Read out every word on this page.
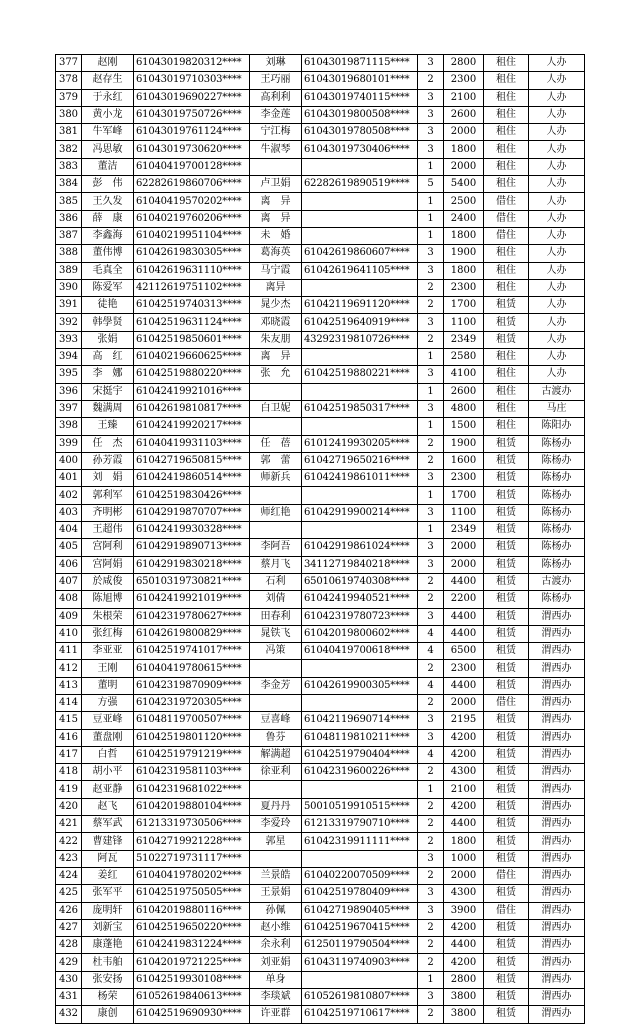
377	赵刚	61043019820312****	刘琳	61043019871115****	3	2800	租住	人办
378	赵存生	61043019710303****	王巧丽	61043019680101****	2	2300	租住	人办
379	于永红	61043019690227****	高利利	61043019740115****	3	2100	租住	人办
380	黄小龙	61043019750726****	李金莲	61043019800508****	3	2600	租住	人办
381	牛军峰	61043019761124****	宁江梅	61043019780508****	3	2000	租住	人办
382	冯思敏	61043019730620****	牛淑琴	61043019730406****	3	1800	租住	人办
383	董洁	61040419700128****			1	2000	租住	人办
384	彭　伟	62282619860706****	卢卫娟	62282619890519****	5	5400	租住	人办
385	王久发	61040419570202****	离　异		1	2500	借住	人办
386	薛　康	61040219760206****	离　异		1	2400	借住	人办
387	李鑫海	61040219951104****	未　婚		1	1800	借住	人办
388	董伟博	61042619830305****	葛海英	61042619860607****	3	1900	租住	人办
389	毛真全	61042619631110****	马宁霞	61042619641105****	3	1800	租住	人办
390	陈爱军	42112619751102****	离异		2	2300	租住	人办
391	徒艳	61042519740313****	晁少杰	61042119691120****	2	1700	租赁	人办
392	韩學贤	61042519631124****	邓晓霞	61042519640919****	3	1100	租赁	人办
393	张娟	61042519850601****	朱友朋	43292319810726****	2	2349	租赁	人办
394	高　红	61040219660625****	离　异		1	2580	租住	人办
395	李　娜	61042519880220****	张　允	61042519880221****	3	4100	租住	人办
396	宋挺宇	61042419921016****			1	2600	租住	古渡办
397	魏满周	61042619810817****	白卫妮	61042519850317****	3	4800	租住	马庄
398	王臻	61042419920217****			1	1500	租住	陈阳办
399	任　杰	61040419931103****	任　蓓	61012419930205****	2	1900	租赁	陈杨办
400	孙芳霞	61042719650815****	郭　蕾	61042719650216****	2	1600	租赁	陈杨办
401	刘　娟	61042419860514****	师新兵	61042419861011****	3	2300	租赁	陈杨办
402	郭利军	61042519830426****			1	1700	租赁	陈杨办
403	齐明彬	61042919870707****	师红艳	61042919900214****	3	1100	租赁	陈杨办
404	王超伟	61042419930328****			1	2349	租赁	陈杨办
405	宫阿利	61042919890713****	李阿吾	61042919861024****	3	2000	租赁	陈杨办
406	宫阿娟	61042919830218****	蔡月飞	34112719840218****	3	2000	租赁	陈杨办
407	於咸俊	65010319730821****	石利	65010619740308****	2	4400	租赁	古渡办
408	陈旭博	61042419921019****	刘倩	61042419940521****	2	2200	租赁	陈杨办
409	朱根荣	61042319780627****	田春利	61042319780723****	3	4400	租赁	渭西办
410	张红梅	61042619800829****	晁铁飞	61042019800602****	4	4400	租赁	渭西办
411	李亚亚	61042519741017****	冯策	61040419700618****	4	6500	租赁	渭西办
412	王刚	61040419780615****			2	2300	租赁	渭西办
413	董明	61042319870909****	李金芳	61042619900305****	4	4400	租赁	渭西办
414	方强	61042319720305****			2	2000	借住	渭西办
415	豆亚峰	61048119700507****	豆喜峰	61042119690714****	3	2195	租赁	渭西办
416	董盘刚	61042519801120****	鲁芬	61048119810211****	3	4200	租赁	渭西办
417	白哲	61042519791219****	解满超	61042519790404****	4	4200	租赁	渭西办
418	胡小平	61042319581103****	徐亚利	61042319600226****	2	4300	租赁	渭西办
419	赵亚静	61042319681022****			1	2100	租赁	渭西办
420	赵飞	61042019880104****	夏丹丹	50010519910515****	2	4200	租赁	渭西办
421	蔡军武	61213319730506****	李爱玲	61213319790710****	2	4400	租赁	渭西办
422	曹建锋	61042719921228****	郭星	61042319911111****	2	1800	租赁	渭西办
423	阿瓦	51022719731117****			3	1000	租赁	渭西办
424	姜红	61040419780202****	兰景皓	61040220070509****	2	2000	借住	渭西办
425	张军平	61042519750505****	王景娟	61042519780409****	3	4300	租赁	渭西办
426	庞明轩	61042019880116****	孙佩	61042719890405****	3	3900	借住	渭西办
427	刘新宝	61042519650220****	赵小维	61042519670415****	2	4200	租赁	渭西办
428	康蓬艳	61042419831224****	余永利	61250119790504****	2	4400	租赁	渭西办
429	杜韦舶	61042019721225****	刘亚娟	61043119740903****	2	4200	租赁	渭西办
430	张安扬	61042519930108****	单身		1	2800	租赁	渭西办
431	杨荣	61052619840613****	李琰斌	61052619810807****	3	3800	租赁	渭西办
432	康创	61042519690930****	许亚群	61042519710617****	2	3800	租赁	渭西办
